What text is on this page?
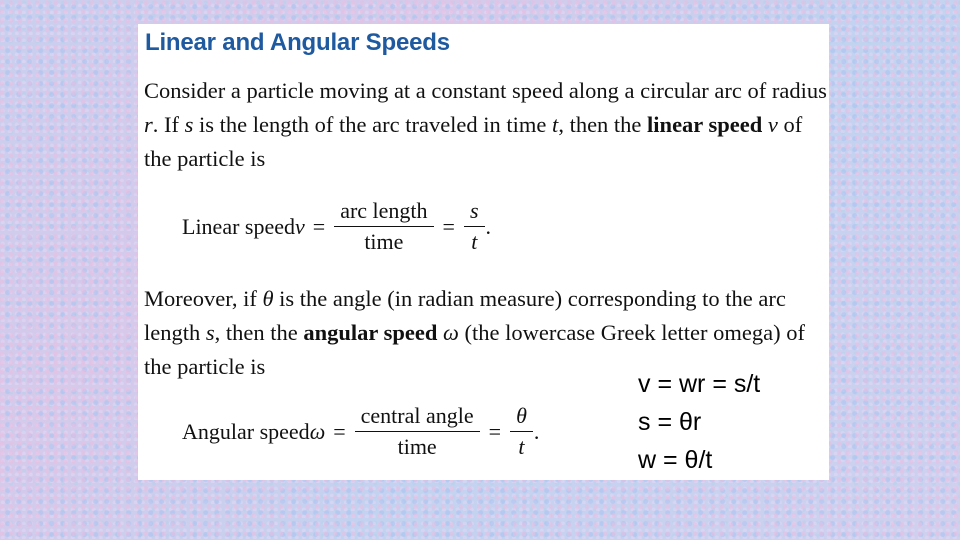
Linear and Angular Speeds
Consider a particle moving at a constant speed along a circular arc of radius r. If s is the length of the arc traveled in time t, then the linear speed v of the particle is
Linear speed $v = \frac{\text{arc length}}{\text{time}} = \frac{s}{t}$ .
Moreover, if θ is the angle (in radian measure) corresponding to the arc length s, then the angular speed ω (the lowercase Greek letter omega) of the particle is
Angular speed $\omega = \frac{\text{central angle}}{\text{time}} = \frac{\theta}{t}$ .
v = wr = s/t
s = θr
w = θ/t
